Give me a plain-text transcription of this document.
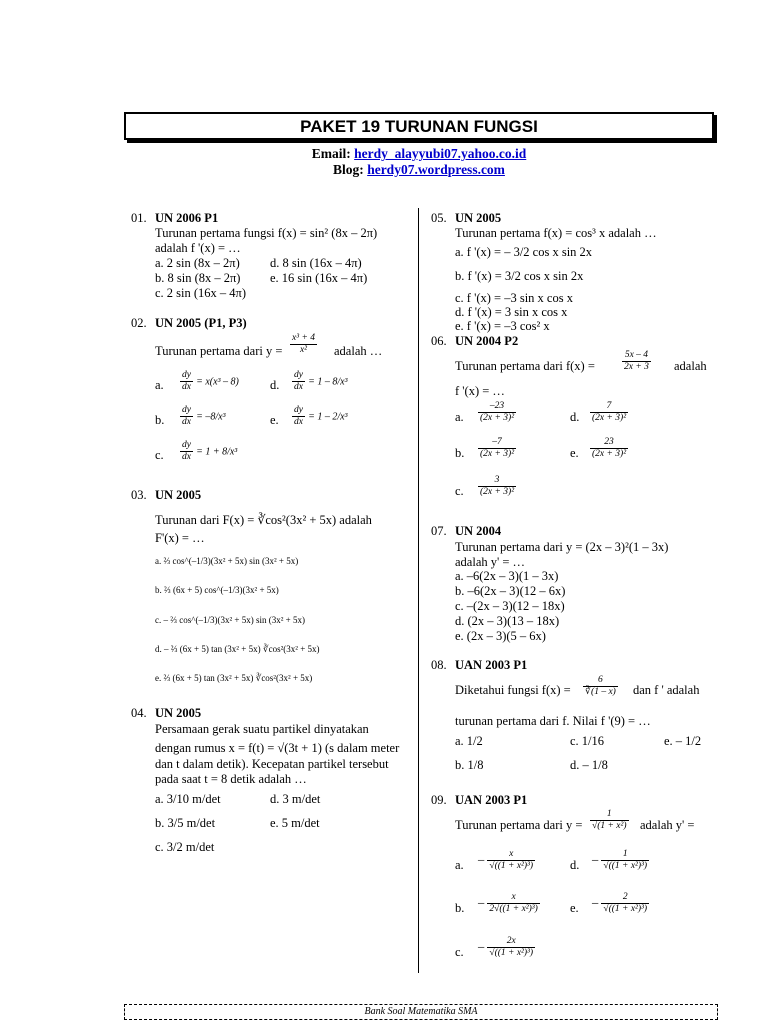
PAKET 19 TURUNAN FUNGSI
Email: herdy_alayyubi07.yahoo.co.id
Blog: herdy07.wordpress.com
01. UN 2006 P1
Turunan pertama fungsi f(x) = sin² (8x – 2π)
adalah f '(x) = …
a. 2 sin (8x – 2π) d. 8 sin (16x – 4π)
b. 8 sin (8x – 2π) e. 16 sin (16x – 4π)
c. 2 sin (16x – 4π)
02. UN 2005 (P1, P3)
Turunan pertama dari $y = \frac{\text{x³ + 4}}{\text{x²}}$ adalah …
a. $\frac{dy}{dx} = x(x^3 - 8)$ d. $\frac{dy}{dx} = 1 - 8/x^3$
b. $\frac{dy}{dx} = -8/x^3$	e. $\frac{dy}{dx} = 1 - 2/x^3$
c. $\frac{dy}{dx} = 1 + 8/x^3$
03. UN 2005
Turunan dari F(x) = ∛cos²(3x² + 5x) adalah
F'(x) = …
a. ⅔ cos^(–1/3)(3x² + 5x) sin (3x² + 5x)
b. ⅔ (6x + 5) cos^(–1/3)(3x² + 5x)
c. – ⅔ cos^(–1/3)(3x² + 5x) sin (3x² + 5x)
d. – ⅔ (6x + 5) tan (3x² + 5x) ∛cos²(3x² + 5x)
e. ⅔ (6x + 5) tan (3x² + 5x) ∛cos²(3x² + 5x)
04. UN 2005
Persamaan gerak suatu partikel dinyatakan
dengan rumus x = f(t) = √(3t + 1) (s dalam meter
dan t dalam detik). Kecepatan partikel tersebut
pada saat t = 8 detik adalah …
a. 3/10 m/det	d. 3 m/det
b. 3/5 m/det	e. 5 m/det
c. 3/2 m/det
05. UN 2005
Turunan pertama f(x) = cos³ x adalah …
a. f '(x) = – 3/2 cos x sin 2x
b. f '(x) = 3/2 cos x sin 2x
c. f '(x) = –3 sin x cos x
d. f '(x) = 3 sin x cos x
e. f '(x) = –3 cos² x
06. UN 2004 P2
Turunan pertama dari f(x) =	$\frac{5x - 4}{2x + 3}$ adalah
f '(x) = …
a. $\frac{-23}{\text{(2x + 3)²}}$	d. $\frac{7}{\text{(2x + 3)²}}$
b. $\frac{-7}{\text{(2x + 3)²}}$	e. $\frac{23}{\text{(2x + 3)²}}$
c. $\frac{3}{\text{(2x + 3)²}}$
07. UN 2004
Turunan pertama dari y = (2x – 3)²(1 – 3x)
adalah y' = …
a. –6(2x – 3)(1 – 3x)
b. –6(2x – 3)(12 – 6x)
c. –(2x – 3)(12 – 18x)
d. (2x – 3)(13 – 18x)
e. (2x – 3)(5 – 6x)
08. UAN 2003 P1
Diketahui fungsi $f(x) = \frac{6}{∛(1 - x)}$ dan f ' adalah
turunan pertama dari f. Nilai f '(9) = …
a. 1/2	c. 1/16	e. – 1/2
b. 1/8	d. – 1/8
09. UAN 2003 P1
Turunan pertama dari $y = \frac{1}{\text{√(1 + x²)}}$ adalah y' =
a. – $\frac{x}{\text{√((1 + x²)³)}}$	d. – $\frac{1}{\text{√((1 + x²)³)}}$
b. – $\frac{x}{\text{2√((1 + x²)³)}} e$. – $\frac{2}{\text{√((1 + x²)³)}}$
c. – $\frac{2x}{\text{√((1 + x²)³)}}$
Bank Soal Matematika SMA
